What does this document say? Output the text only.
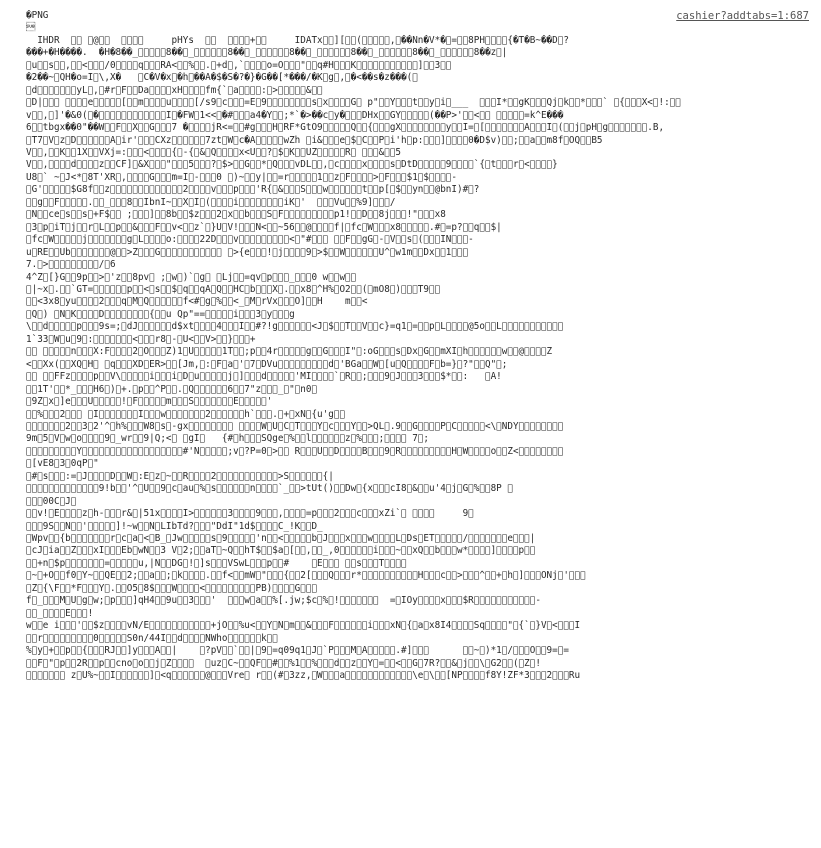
cashier?addtabs=1:687
�PNG

IHDR      @             pHYs          +       IDATx  ][  (     , ��Nn�V*� =  8PH    {�T�B~��D ?
���+�H����.  �H�8��_     8�� _      8�� _      8�� _      8�� _      8�� _      8��z |
 u  s  ,  <   /0    q   RA<  %  . +d ,`    o=O   "  q#H   K           ]  3  
�2��~ QH�o=I \,X�    C�V�x �h ��A�$�S�?�}�G��[*���/�K g , �<��s�z���( 
 d       yL , #r F  Da    xH    fm{` a    : >     &  
 D|        e     [  m    u    [/s9 c   =E 9        s x    G  p"  Y   t  y i ___     I*  gK   Qj k  *   `  {   X< !:  
v  , ]'�&0( �            I �FW 1<< �#   a4�Y  ;*`�>��c y�   DHx  GY     (��P>'  <        =k^E���
6  tbgx��0"��W  F  X  G   7 �    jR<=  #g   H RF*GtO9     Q  {   gX        y  I= [       A   I (  j pH g       .B,
 T7 V z D      A ir'   CXz      7zt W c�A     wZh  i&   e $ C  P i'h p:   ]    0�D$v)  ;  a  m8f OQ  B5
V  ,  K  1X  VXj=:   <    { -{ & Q    x<U  ? $ K  UZ     R     &  5
V  ,    d    z  CF] &X   "   5   ? $>  G  * Q   vDL  , c    x    s DtD     9    `{ t   r <    }
U8 ` ~ J<* 8T'XR ,    G   m=I -   0  )~  y|  =r     1  z F    > F   $1 $    -
 G'     $G8f  z             2    v   p   'R{ &   S   w      t  p[ $  yn  @bnI)# ?
  g  F     .  _   8  IbnI~  X I (    i        iK '     Vu  %9]   /
 N  ce s  s +F$   ;   ]  8b  $z   2 x  b   S F         p1!  D  8j   !"   x8
 3 p iT j  r L  p  &   F  v<  z` }U V!   N<  ~56  @    f| fc W   x8     .# =p?  q  $|
 fc W     j       g L    o:    22D   v         < "#      F  gG - V  s (   IN   -
u RE  Ub       @  >Z   G             >{e   ! j    9 >$  W      U^ w1m  Dx  1   
7. >         / 6
4^Z [}G  9p  > 'z  8pv  ; w )` g   Lj  =qv p   _   0 w  w  
 |~x .  `GT=      p  < s  $ q  qA Q  HC b   X .  x8 ^H% O2  ( mO8 )   T9  
  <3x8 yu    2   q M Q      f<# g %  <_ M rVx   O]  H    m  <
 Q )  N K    D        {  u Qp"==     i   3 y   g
\  d     p   9s=; dJ      d$xt    4   I  #?!g      <J $  T  V  c}=q1 =  p L    @5o  L           
1`33 W u 9 :       <   r8 - U<  V>  }   +
        n   X:F    2 O   Z)1 U     1T  ;p  4r     g  G   I" :oG   s Dx G  mXI h      w  @    Z
<  Xx(  XQ H   q   XD ER>  [Jm, : F a ' 7 DVu         d 'BGa  W [u Q    F b=} ?"  Q" ;
     FFz    p  V\     i   i D u     j ]   d     'MI    ` R  ;   9 J   3   $*  :    A!
  1T'  *_   H6 ) +. p  ^P  . Q      6  7"z   _ " n0 
 9Z x ]e   U     ! F     m   S       E     '
  %   2     I       I   w       2      h`   . + xN {u'g  
       2  3 2'^ h%   W8 s -gx             W U C T   Y c   Y  >QL .9  G    P C     <\ NDY        
9m 5 V w o    9 _wr  9|Q;<   gI    {# h   SQge %  l      z %   ;     7 ;
         Y                  #'N     ;v ?P=0 >   R   U  D    B   9 R         H W    o  Z<        
 [vE8 3 0qP "
 # s   := J    D  W :E z ~  R    2           >S      {|
             9!b  '^ U  9 c au % s      n    `_  >tUt()  Dw {x   cI8 &  u'4 j G %  8P  
   00C J 
  v! E    z h-   r& |51x    I>      3    9   ,    =p   2   c   xZi`           9 
   9S  N  '     ]!~w  N LIbTd?   "DdI"1d$    C_!K  D_
 Wpv  {b       r c a < B_ Jw     s 9     'n  <     b J   x   w    L Ds ET     /       e   |
 cJ ia  Z   xI   Eb wN  3 V 2;  aT ~Q  hT$  $a [  ,  _,0      i   ~  xQ  b   w*    ]    p  
  +n $p       =     u,|N  DG ! ]s   VSwL   p  #     E      s   T    
 ~ +O  f0 Y~  QE  2;  a  ; k    .  f<  mW "   {  2[   Q   r*          H   c  >   ^  + h ]   ONj '   
 Z {\F  *F   Y .  O5 8$   W    <         PB)    G   
f _   M U g w; p   ]qH4  9u  3   '     w a  %[.jw;$c % !         = IOy    x   $R           -
  _    E   !
w  e i   '  $z    vN/E           +jO  %u<  Y N m  &   F      i   xN { a x8I4    Sq    " {` }V <   I
  r         0     S0n/44I  d    NWho      k  
% y +  p  {   RJ  ]y   A  |     ?pV  `  | 9 =q09q1 J `P   M A     .#]           ~ )*1 /   O  9= =
  F " p  2R  p  cno o  j Z       uz C~  QF  #  %1  %   d  z  Y =  <  G 7R?  & j  \ G2  ( Z !
        z U%~  I      ] <q      @   Vre  r  (# 3zz, W   a            \e \  [NP    f8Y!ZF*3   2   Ru
